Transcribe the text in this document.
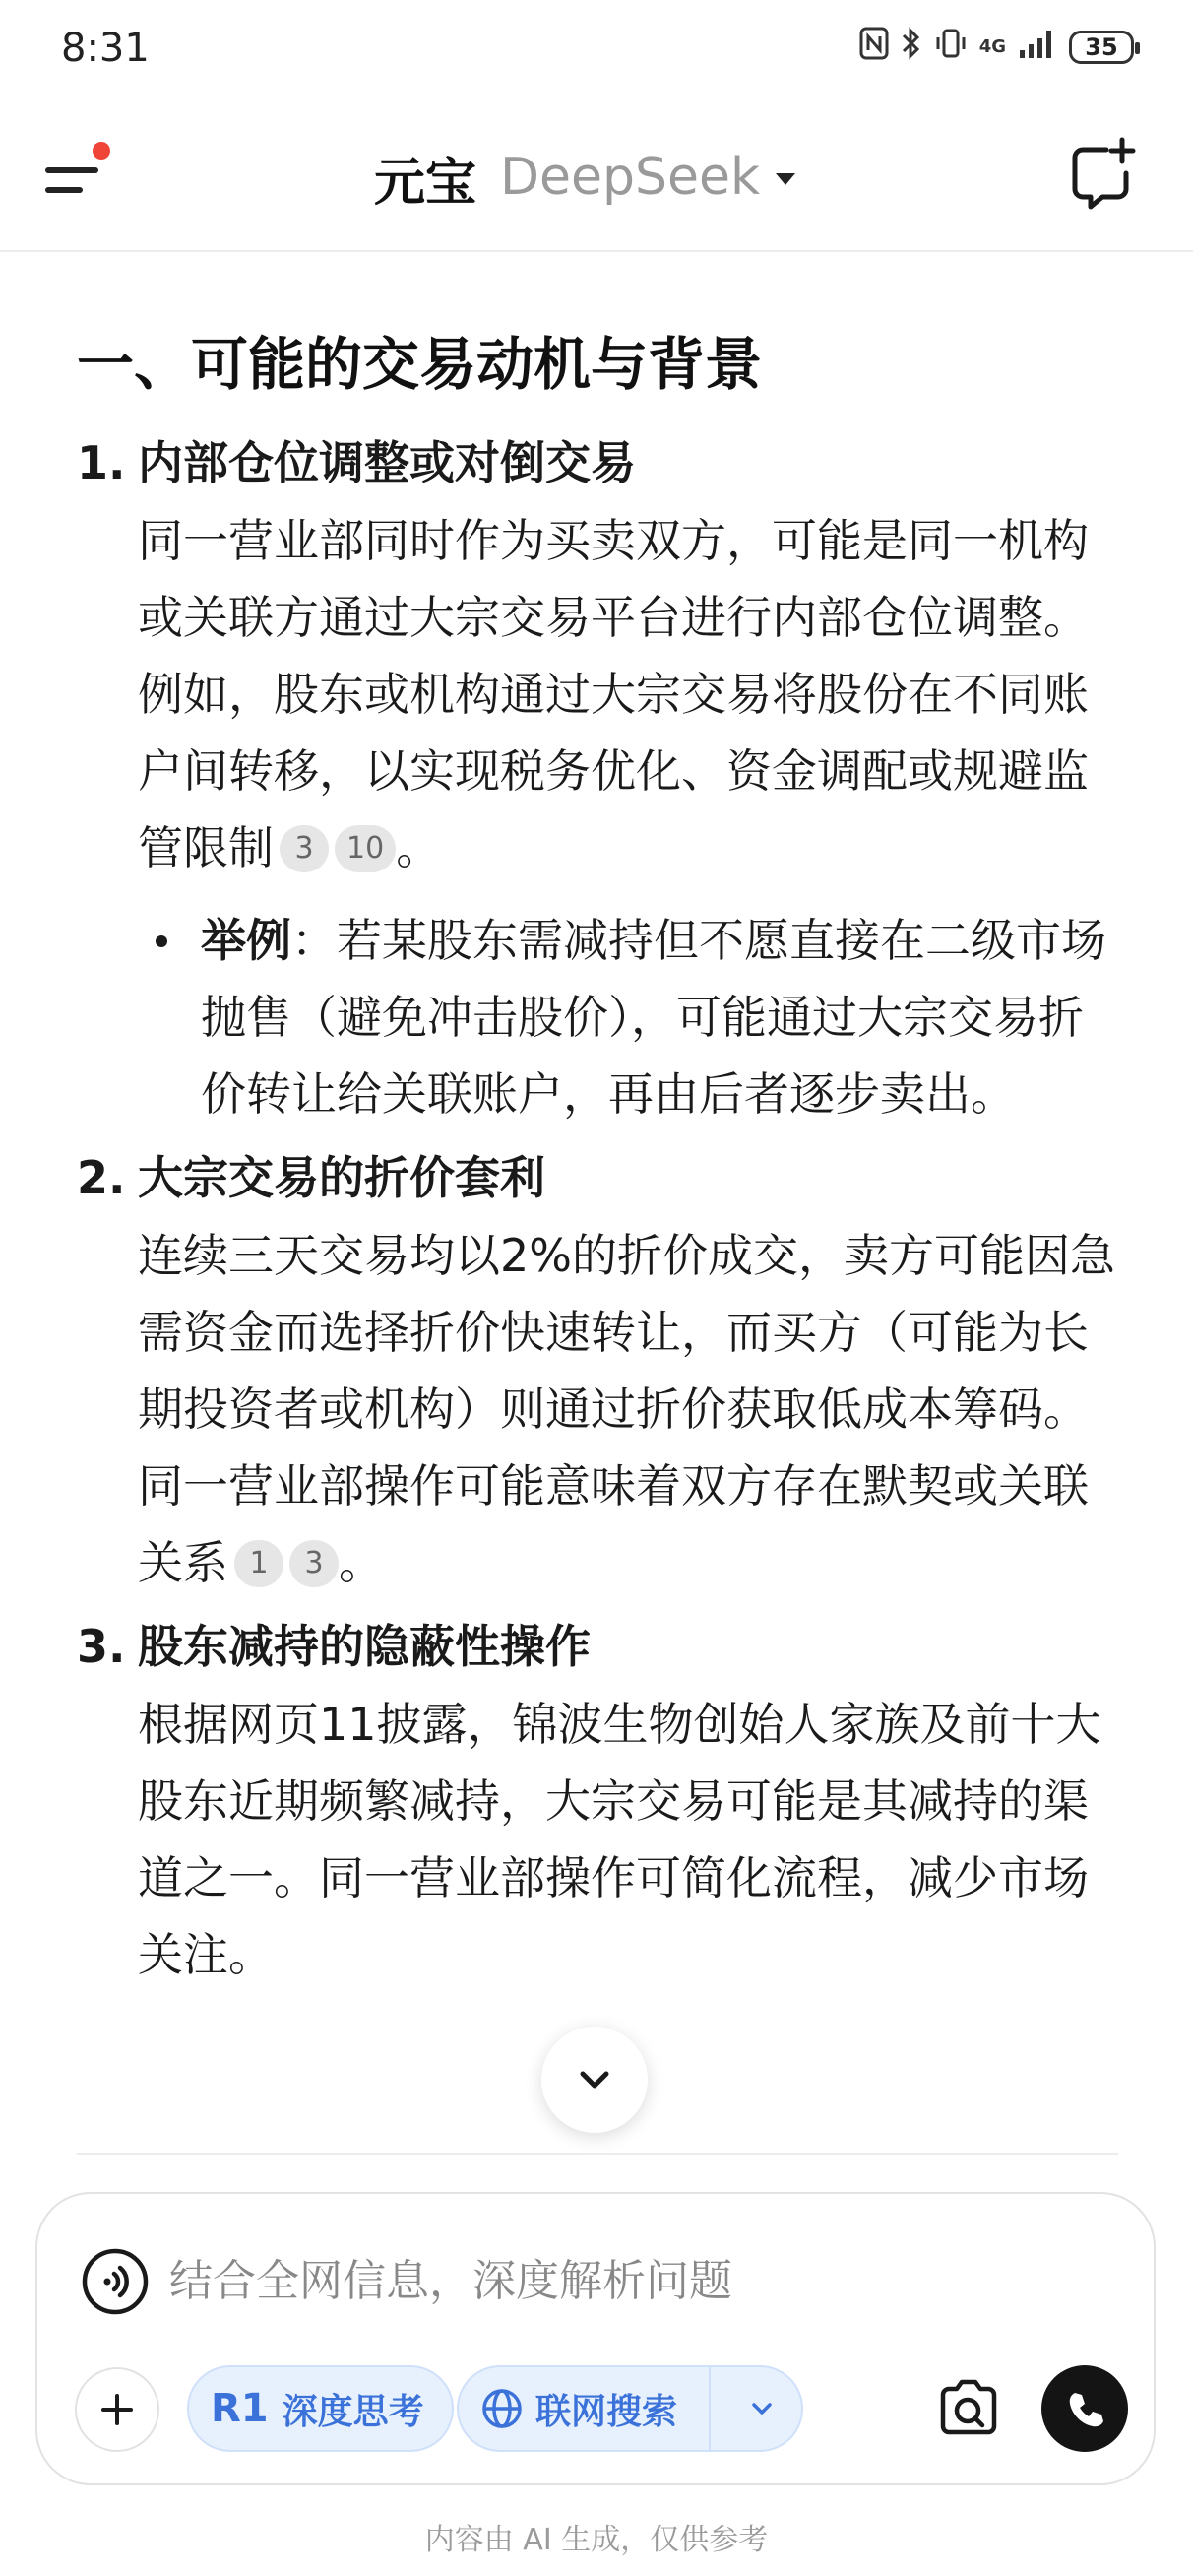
8:31	4G	35
元宝 DeepSeek
一、可能的交易动机与背景
1. 内部仓位调整或对倒交易
同一营业部同时作为买卖双方，可能是同一机构或关联方通过大宗交易平台进行内部仓位调整。例如，股东或机构通过大宗交易将股份在不同账户间转移，以实现税务优化、资金调配或规避监管限制 3 10 。
举例：若某股东需减持但不愿直接在二级市场抛售（避免冲击股价），可能通过大宗交易折价转让给关联账户，再由后者逐步卖出。
2. 大宗交易的折价套利
连续三天交易均以2%的折价成交，卖方可能因急需资金而选择折价快速转让，而买方（可能为长期投资者或机构）则通过折价获取低成本筹码。同一营业部操作可能意味着双方存在默契或关联关系 1 3 。
3. 股东减持的隐蔽性操作
根据网页11披露，锦波生物创始人家族及前十大股东近期频繁减持，大宗交易可能是其减持的渠道之一。同一营业部操作可简化流程，减少市场关注。
结合全网信息，深度解析问题
R1 深度思考	联网搜索
内容由 AI 生成，仅供参考
